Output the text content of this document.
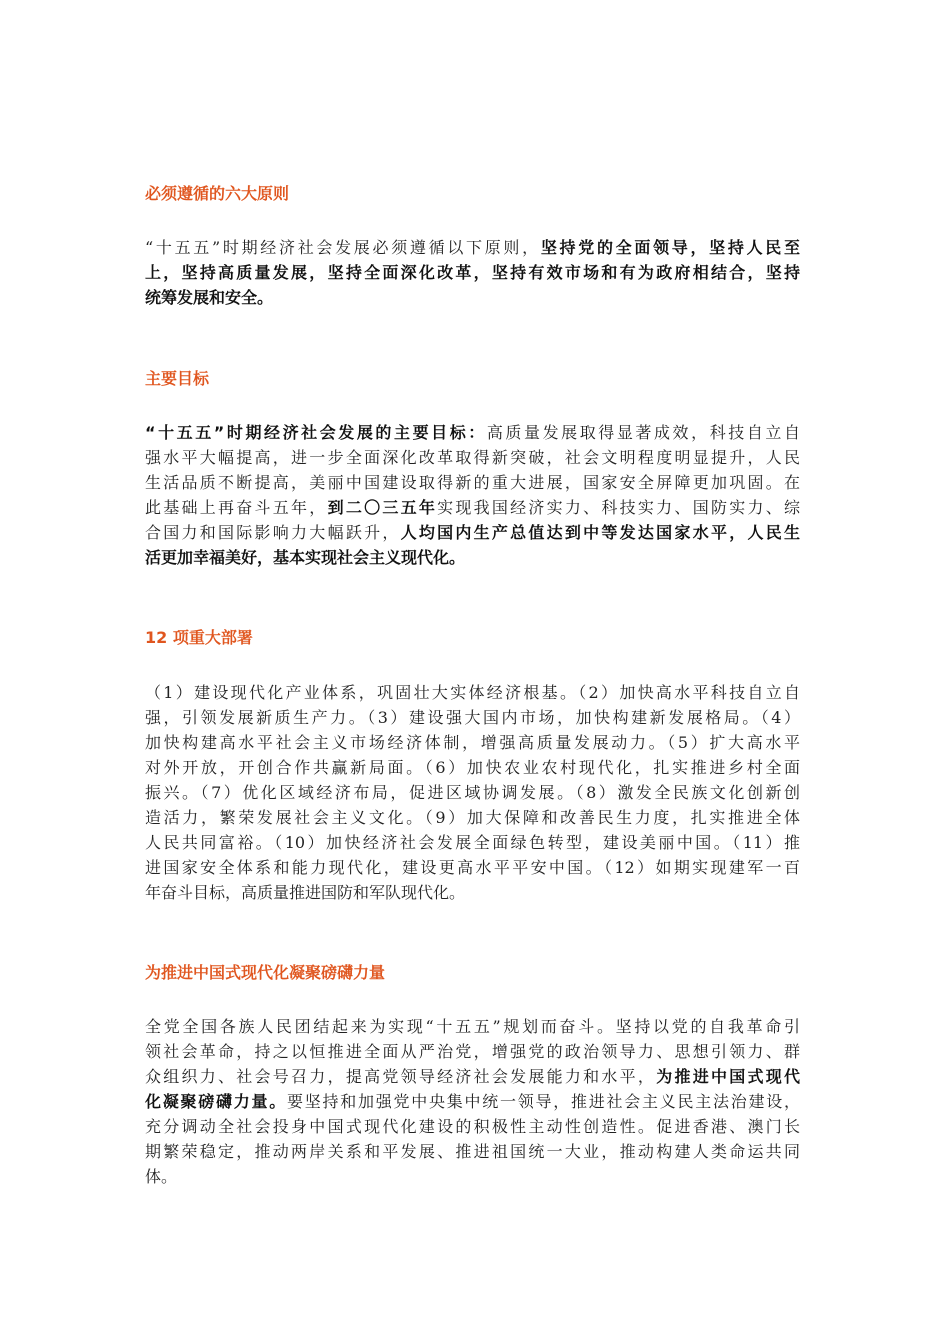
必须遵循的六大原则
“十五五”时期经济社会发展必须遵循以下原则，坚持党的全面领导，坚持人民至
上，坚持高质量发展，坚持全面深化改革，坚持有效市场和有为政府相结合，坚持
统筹发展和安全。
主要目标
“十五五”时期经济社会发展的主要目标：高质量发展取得显著成效，科技自立自
强水平大幅提高，进一步全面深化改革取得新突破，社会文明程度明显提升，人民
生活品质不断提高，美丽中国建设取得新的重大进展，国家安全屏障更加巩固。在
此基础上再奋斗五年，到二〇三五年实现我国经济实力、科技实力、国防实力、综
合国力和国际影响力大幅跃升，人均国内生产总值达到中等发达国家水平，人民生
活更加幸福美好，基本实现社会主义现代化。
12 项重大部署
（1）建设现代化产业体系，巩固壮大实体经济根基。（2）加快高水平科技自立自
强，引领发展新质生产力。（3）建设强大国内市场，加快构建新发展格局。（4）
加快构建高水平社会主义市场经济体制，增强高质量发展动力。（5）扩大高水平
对外开放，开创合作共赢新局面。（6）加快农业农村现代化，扎实推进乡村全面
振兴。（7）优化区域经济布局，促进区域协调发展。（8）激发全民族文化创新创
造活力，繁荣发展社会主义文化。（9）加大保障和改善民生力度，扎实推进全体
人民共同富裕。（10）加快经济社会发展全面绿色转型，建设美丽中国。（11）推
进国家安全体系和能力现代化，建设更高水平平安中国。（12）如期实现建军一百
年奋斗目标，高质量推进国防和军队现代化。
为推进中国式现代化凝聚磅礴力量
全党全国各族人民团结起来为实现“十五五”规划而奋斗。坚持以党的自我革命引
领社会革命，持之以恒推进全面从严治党，增强党的政治领导力、思想引领力、群
众组织力、社会号召力，提高党领导经济社会发展能力和水平，为推进中国式现代
化凝聚磅礴力量。要坚持和加强党中央集中统一领导，推进社会主义民主法治建设，
充分调动全社会投身中国式现代化建设的积极性主动性创造性。促进香港、澳门长
期繁荣稳定，推动两岸关系和平发展、推进祖国统一大业，推动构建人类命运共同
体。
